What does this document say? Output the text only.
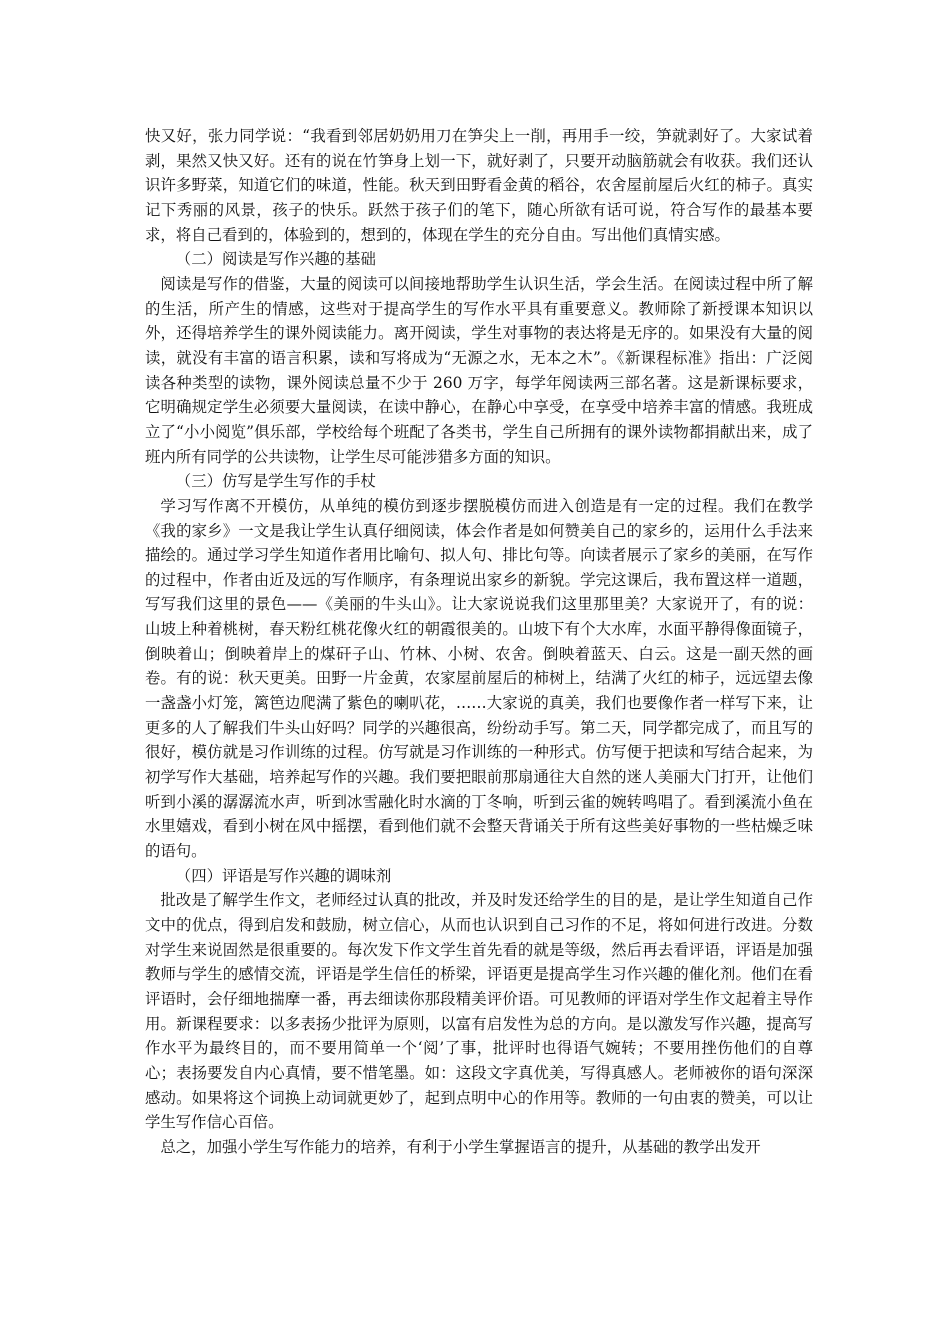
快又好，张力同学说：“我看到邻居奶奶用刀在笋尖上一削，再用手一绞，笋就剥好了。大家试着剥，果然又快又好。还有的说在竹笋身上划一下，就好剥了，只要开动脑筋就会有收获。我们还认识许多野菜，知道它们的味道，性能。秋天到田野看金黄的稻谷，农舍屋前屋后火红的柿子。真实记下秀丽的风景，孩子的快乐。跃然于孩子们的笔下，随心所欲有话可说，符合写作的最基本要求，将自己看到的，体验到的，想到的，体现在学生的充分自由。写出他们真情实感。

（二）阅读是写作兴趣的基础

阅读是写作的借鉴，大量的阅读可以间接地帮助学生认识生活，学会生活。在阅读过程中所了解的生活，所产生的情感，这些对于提高学生的写作水平具有重要意义。教师除了新授课本知识以外，还得培养学生的课外阅读能力。离开阅读，学生对事物的表达将是无序的。如果没有大量的阅读，就没有丰富的语言积累，读和写将成为“无源之水，无本之木”。《新课程标准》指出：广泛阅读各种类型的读物，课外阅读总量不少于 260 万字，每学年阅读两三部名著。这是新课标要求，它明确规定学生必须要大量阅读，在读中静心，在静心中享受，在享受中培养丰富的情感。我班成立了“小小阅览”俱乐部，学校给每个班配了各类书，学生自己所拥有的课外读物都捐献出来，成了班内所有同学的公共读物，让学生尽可能涉猎多方面的知识。

（三）仿写是学生写作的手杖

学习写作离不开模仿，从单纯的模仿到逐步摆脱模仿而进入创造是有一定的过程。我们在教学《我的家乡》一文是我让学生认真仔细阅读，体会作者是如何赞美自己的家乡的，运用什么手法来描绘的。通过学习学生知道作者用比喻句、拟人句、排比句等。向读者展示了家乡的美丽，在写作的过程中，作者由近及远的写作顺序，有条理说出家乡的新貌。学完这课后，我布置这样一道题，写写我们这里的景色——《美丽的牛头山》。让大家说说我们这里那里美？大家说开了，有的说：山坡上种着桃树，春天粉红桃花像火红的朝霞很美的。山坡下有个大水库，水面平静得像面镜子，倒映着山；倒映着岸上的煤矸子山、竹林、小树、农舍。倒映着蓝天、白云。这是一副天然的画卷。有的说：秋天更美。田野一片金黄，农家屋前屋后的柿树上，结满了火红的柿子，远远望去像一盏盏小灯笼，篱笆边爬满了紫色的喇叭花，……大家说的真美，我们也要像作者一样写下来，让更多的人了解我们牛头山好吗？同学的兴趣很高，纷纷动手写。第二天，同学都完成了，而且写的很好，模仿就是习作训练的过程。仿写就是习作训练的一种形式。仿写便于把读和写结合起来，为初学写作大基础，培养起写作的兴趣。我们要把眼前那扇通往大自然的迷人美丽大门打开，让他们听到小溪的潺潺流水声，听到冰雪融化时水滴的丁冬响，听到云雀的婉转鸣唱了。看到溪流小鱼在水里嬉戏，看到小树在风中摇摆，看到他们就不会整天背诵关于所有这些美好事物的一些枯燥乏味的语句。

（四）评语是写作兴趣的调味剂

批改是了解学生作文，老师经过认真的批改，并及时发还给学生的目的是，是让学生知道自己作文中的优点，得到启发和鼓励，树立信心，从而也认识到自己习作的不足，将如何进行改进。分数对学生来说固然是很重要的。每次发下作文学生首先看的就是等级，然后再去看评语，评语是加强教师与学生的感情交流，评语是学生信任的桥梁，评语更是提高学生习作兴趣的催化剂。他们在看评语时，会仔细地揣摩一番，再去细读你那段精美评价语。可见教师的评语对学生作文起着主导作用。新课程要求：以多表扬少批评为原则，以富有启发性为总的方向。是以激发写作兴趣，提高写作水平为最终目的，而不要用简单一个‘阅’了事，批评时也得语气婉转；不要用挫伤他们的自尊心；表扬要发自内心真情，要不惜笔墨。如：这段文字真优美，写得真感人。老师被你的语句深深感动。如果将这个词换上动词就更妙了，起到点明中心的作用等。教师的一句由衷的赞美，可以让学生写作信心百倍。

总之，加强小学生写作能力的培养，有利于小学生掌握语言的提升，从基础的教学出发开
